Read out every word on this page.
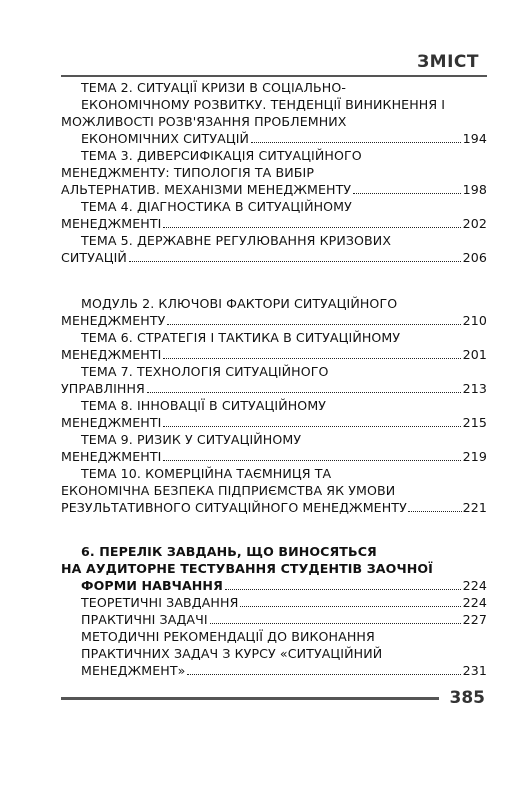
ЗМІСТ
ТЕМА 2. СИТУАЦІЇ КРИЗИ В СОЦІАЛЬНО-
ЕКОНОМІЧНОМУ РОЗВИТКУ. ТЕНДЕНЦІЇ ВИНИКНЕННЯ І
МОЖЛИВОСТІ РОЗВ'ЯЗАННЯ ПРОБЛЕМНИХ
ЕКОНОМІЧНИХ СИТУАЦІЙ	194
ТЕМА 3. ДИВЕРСИФІКАЦІЯ СИТУАЦІЙНОГО
МЕНЕДЖМЕНТУ: ТИПОЛОГІЯ ТА ВИБІР
АЛЬТЕРНАТИВ. МЕХАНІЗМИ МЕНЕДЖМЕНТУ	198
ТЕМА 4. ДІАГНОСТИКА В СИТУАЦІЙНОМУ
МЕНЕДЖМЕНТІ	202
ТЕМА 5. ДЕРЖАВНЕ РЕГУЛЮВАННЯ КРИЗОВИХ
СИТУАЦІЙ	206
МОДУЛЬ 2. КЛЮЧОВІ ФАКТОРИ СИТУАЦІЙНОГО
МЕНЕДЖМЕНТУ	210
ТЕМА 6. СТРАТЕГІЯ І ТАКТИКА В СИТУАЦІЙНОМУ
МЕНЕДЖМЕНТІ	201
ТЕМА 7. ТЕХНОЛОГІЯ СИТУАЦІЙНОГО
УПРАВЛІННЯ	213
ТЕМА 8. ІННОВАЦІЇ В СИТУАЦІЙНОМУ
МЕНЕДЖМЕНТІ	215
ТЕМА 9. РИЗИК У СИТУАЦІЙНОМУ
МЕНЕДЖМЕНТІ	219
ТЕМА 10. КОМЕРЦІЙНА ТАЄМНИЦЯ ТА
ЕКОНОМІЧНА БЕЗПЕКА ПІДПРИЄМСТВА ЯК УМОВИ
РЕЗУЛЬТАТИВНОГО СИТУАЦІЙНОГО МЕНЕДЖМЕНТУ	221
6. ПЕРЕЛІК ЗАВДАНЬ, ЩО ВИНОСЯТЬСЯ
НА АУДИТОРНЕ ТЕСТУВАННЯ СТУДЕНТІВ ЗАОЧНОЇ
ФОРМИ НАВЧАННЯ	224
ТЕОРЕТИЧНІ ЗАВДАННЯ	224
ПРАКТИЧНІ ЗАДАЧІ	227
МЕТОДИЧНІ РЕКОМЕНДАЦІЇ ДО ВИКОНАННЯ
ПРАКТИЧНИХ ЗАДАЧ З КУРСУ «СИТУАЦІЙНИЙ
МЕНЕДЖМЕНТ»	231
385
